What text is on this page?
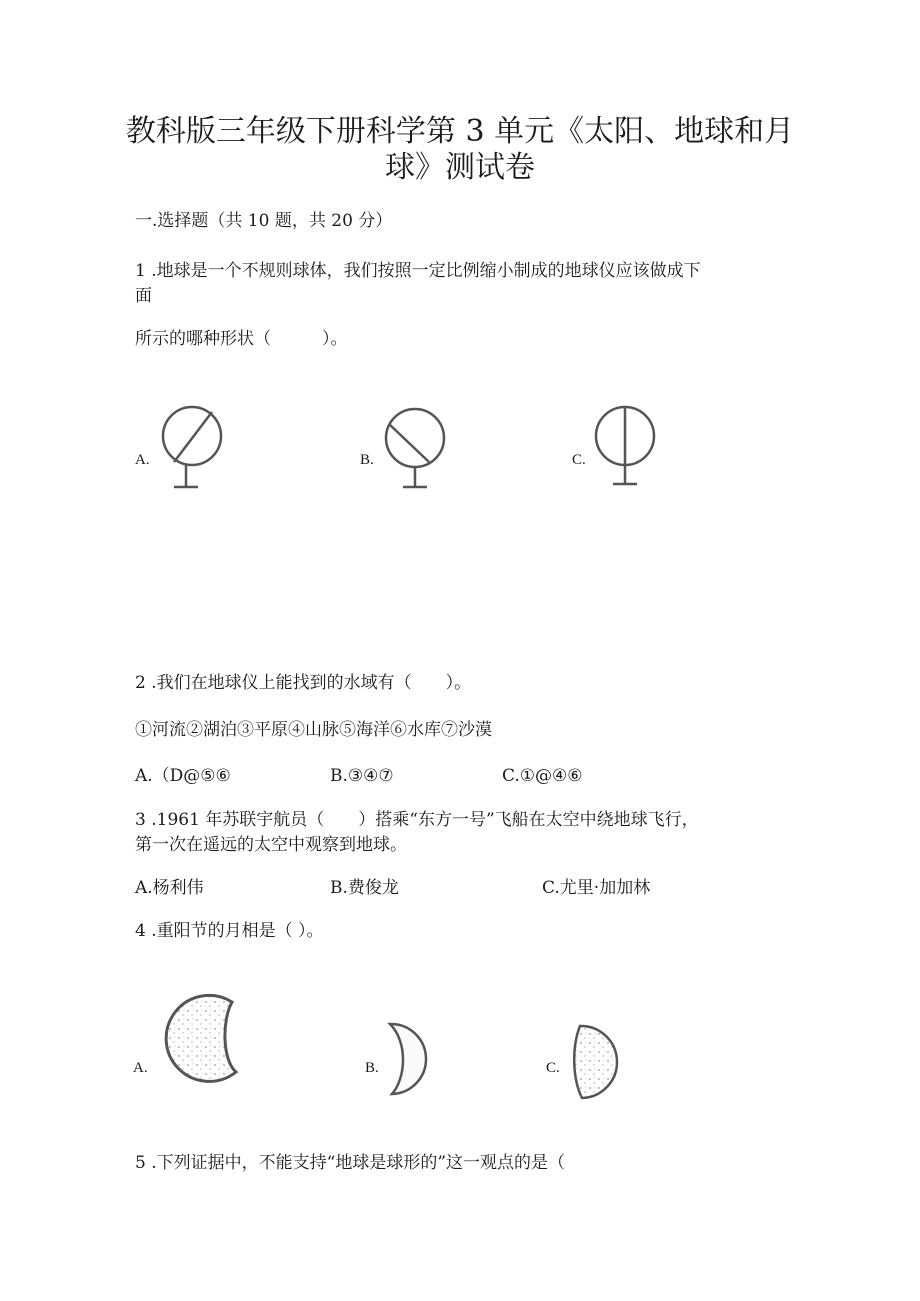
教科版三年级下册科学第 3 单元《太阳、地球和月
球》测试卷
一.选择题（共 10 题，共 20 分）
1 .地球是一个不规则球体，我们按照一定比例缩小制成的地球仪应该做成下
面
所示的哪种形状（　　　）。
A.	B.	C.
2 .我们在地球仪上能找到的水域有（　　）。
①河流②湖泊③平原④山脉⑤海洋⑥水库⑦沙漠
A.（D@⑤⑥	B.③④⑦	C.①@④⑥
3 .1961 年苏联宇航员（　　）搭乘“东方一号”飞船在太空中绕地球飞行，
第一次在遥远的太空中观察到地球。
A.杨利伟	B.费俊龙	C.尤里·加加林
4 .重阳节的月相是（ ）。
A.	B.	C.
5 .下列证据中，不能支持“地球是球形的”这一观点的是（
